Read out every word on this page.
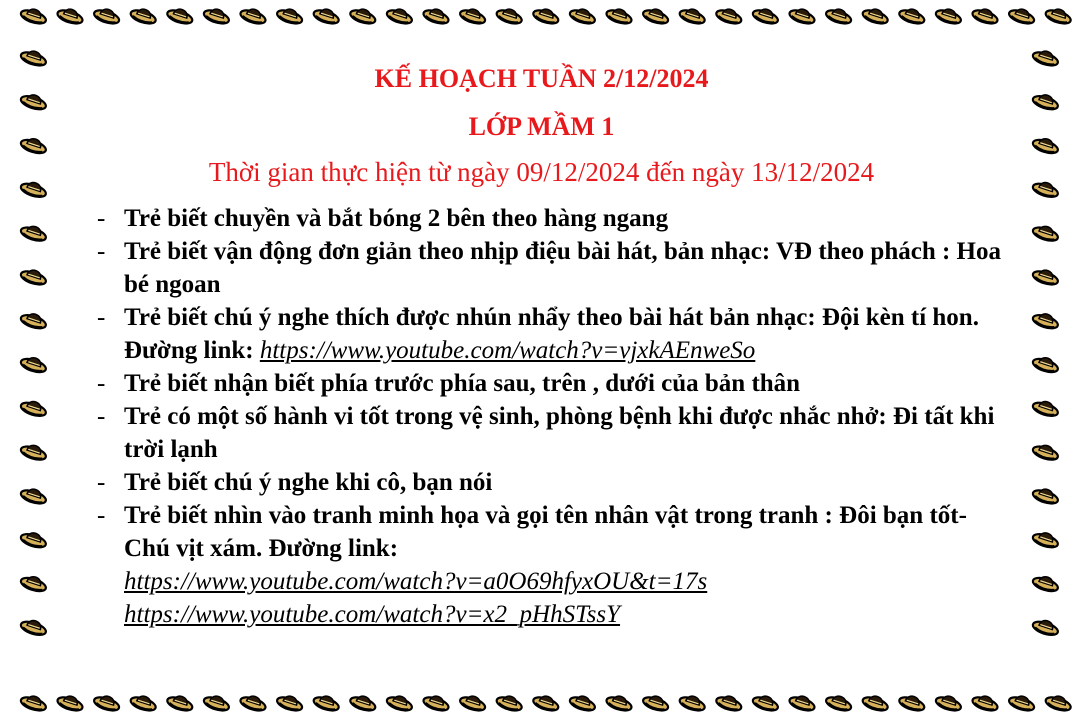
KẾ HOẠCH TUẦN 2/12/2024
LỚP MẦM 1

Thời gian thực hiện từ ngày 09/12/2024 đến ngày 13/12/2024

- Trẻ biết chuyền và bắt bóng 2 bên theo hàng ngang
- Trẻ biết vận động đơn giản theo nhịp điệu bài hát, bản nhạc: VĐ theo phách : Hoa bé ngoan
- Trẻ biết chú ý nghe thích được nhún nhẩy theo bài hát bản nhạc: Đội kèn tí hon. Đường link: https://www.youtube.com/watch?v=vjxkAEnweSo
- Trẻ biết nhận biết phía trước phía sau, trên , dưới của bản thân
- Trẻ có một số hành vi tốt trong vệ sinh, phòng bệnh khi được nhắc nhở: Đi tất khi trời lạnh
- Trẻ biết chú ý nghe khi cô, bạn nói
- Trẻ biết nhìn vào tranh minh họa và gọi tên nhân vật trong tranh : Đôi bạn tốt- Chú vịt xám. Đường link:
https://www.youtube.com/watch?v=a0O69hfyxOU&t=17s
https://www.youtube.com/watch?v=x2_pHhSTssY
